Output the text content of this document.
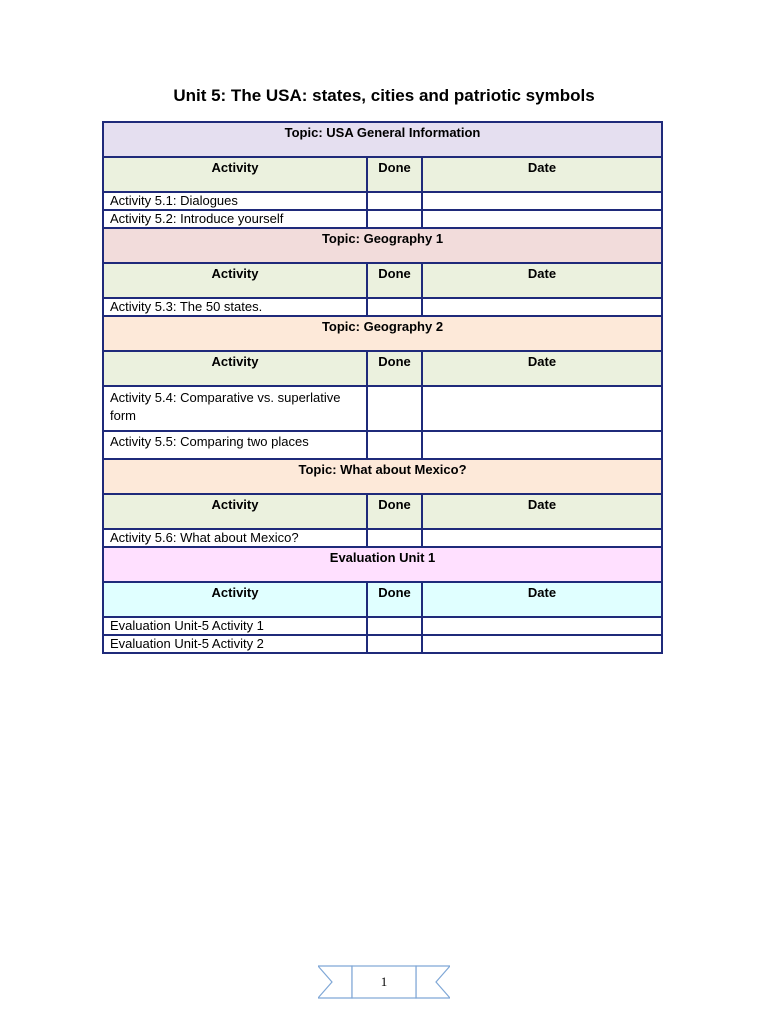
Unit 5: The USA: states, cities and patriotic symbols
Topic: USA General Information		
Activity	Done	Date
Activity 5.1: Dialogues		
Activity 5.2: Introduce yourself		
Topic: Geography 1		
Activity	Done	Date
Activity 5.3: The 50 states.		
Topic: Geography 2		
Activity	Done	Date
Activity 5.4: Comparative vs. superlative form		
Activity 5.5: Comparing two places		
Topic: What about Mexico?		
Activity	Done	Date
Activity 5.6: What about Mexico?		
Evaluation Unit 1		
Activity	Done	Date
Evaluation Unit-5 Activity 1		
Evaluation Unit-5 Activity 2		
1
